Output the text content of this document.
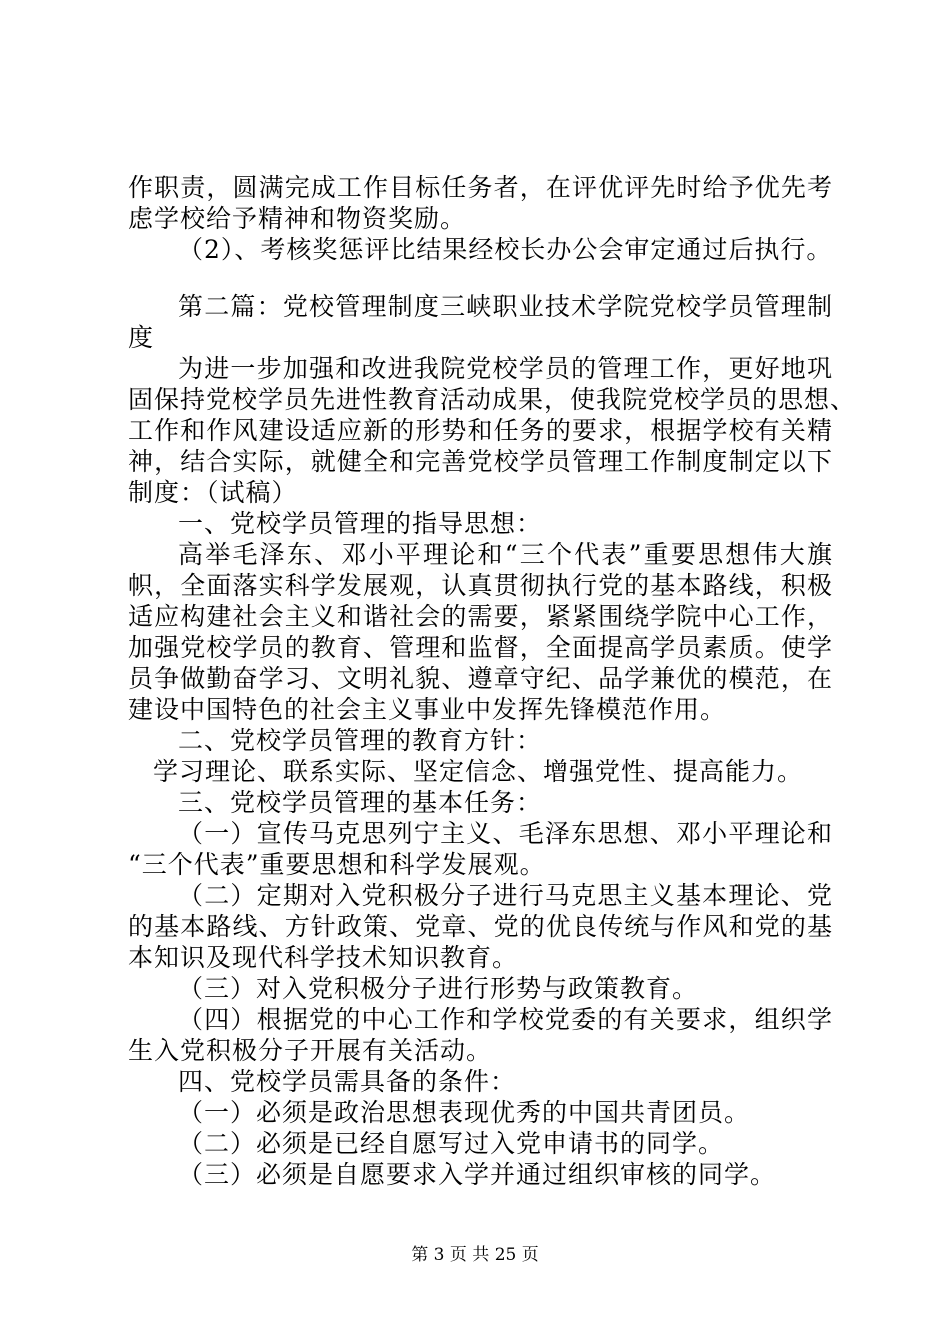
作职责，圆满完成工作目标任务者，在评优评先时给予优先考
虑学校给予精神和物资奖励。
（2）、考核奖惩评比结果经校长办公会审定通过后执行。
第二篇：党校管理制度三峡职业技术学院党校学员管理制
度
为进一步加强和改进我院党校学员的管理工作，更好地巩
固保持党校学员先进性教育活动成果，使我院党校学员的思想、
工作和作风建设适应新的形势和任务的要求，根据学校有关精
神，结合实际，就健全和完善党校学员管理工作制度制定以下
制度：（试稿）
一、党校学员管理的指导思想：
高举毛泽东、邓小平理论和“三个代表”重要思想伟大旗
帜，全面落实科学发展观，认真贯彻执行党的基本路线，积极
适应构建社会主义和谐社会的需要，紧紧围绕学院中心工作，
加强党校学员的教育、管理和监督，全面提高学员素质。使学
员争做勤奋学习、文明礼貌、遵章守纪、品学兼优的模范，在
建设中国特色的社会主义事业中发挥先锋模范作用。
二、党校学员管理的教育方针：
学习理论、联系实际、坚定信念、增强党性、提高能力。
三、党校学员管理的基本任务：
（一）宣传马克思列宁主义、毛泽东思想、邓小平理论和
“三个代表”重要思想和科学发展观。
（二）定期对入党积极分子进行马克思主义基本理论、党
的基本路线、方针政策、党章、党的优良传统与作风和党的基
本知识及现代科学技术知识教育。
（三）对入党积极分子进行形势与政策教育。
（四）根据党的中心工作和学校党委的有关要求，组织学
生入党积极分子开展有关活动。
四、党校学员需具备的条件：
（一）必须是政治思想表现优秀的中国共青团员。
（二）必须是已经自愿写过入党申请书的同学。
（三）必须是自愿要求入学并通过组织审核的同学。
第 3 页 共 25 页
